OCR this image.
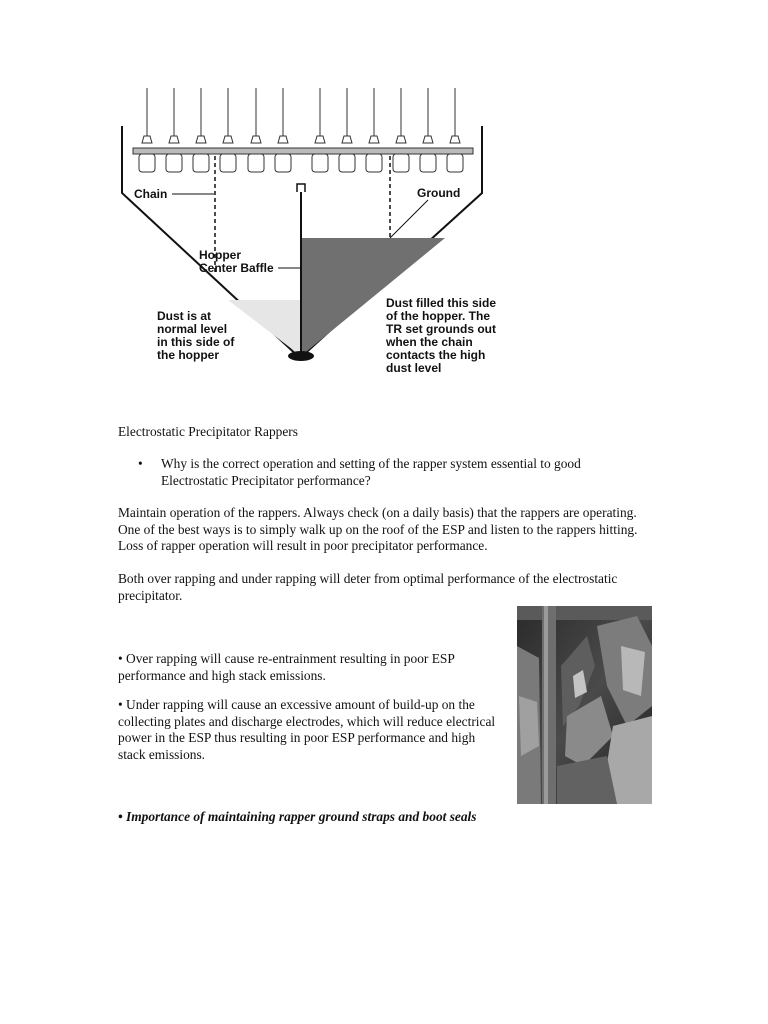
Chain	Ground
Hopper
Center Baffle
Dust is at
normal level
in this side of
the hopper
Dust filled this side
of the hopper. The
TR set grounds out
when the chain
contacts the high
dust level
Electrostatic Precipitator Rappers
• Why is the correct operation and setting of the rapper system essential to good Electrostatic Precipitator performance?
Maintain operation of the rappers. Always check (on a daily basis) that the rappers are operating. One of the best ways is to simply walk up on the roof of the ESP and listen to the rappers hitting. Loss of rapper operation will result in poor precipitator performance.
Both over rapping and under rapping will deter from optimal performance of the electrostatic precipitator.
• Over rapping will cause re-entrainment resulting in poor ESP performance and high stack emissions.
• Under rapping will cause an excessive amount of build-up on the collecting plates and discharge electrodes, which will reduce electrical power in the ESP thus resulting in poor ESP performance and high stack emissions.
• Importance of maintaining rapper ground straps and boot seals
